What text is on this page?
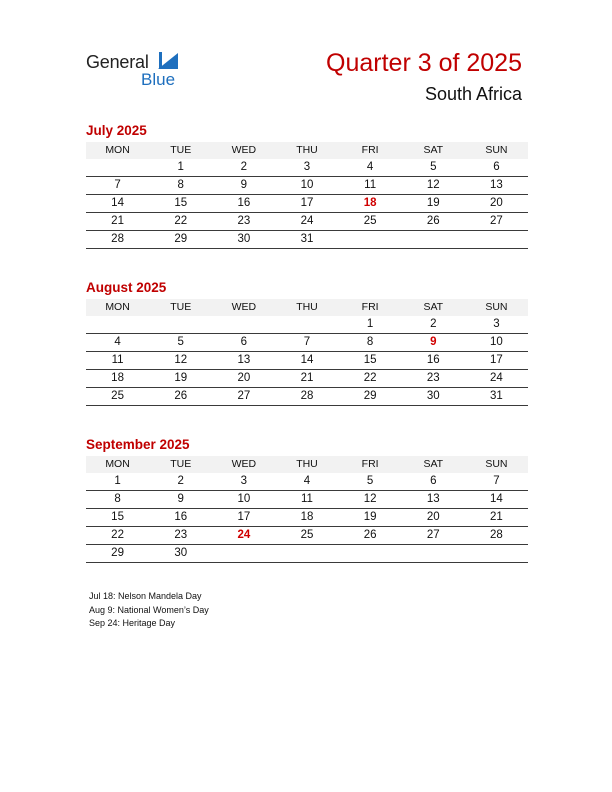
General
Blue
Quarter 3 of 2025
South Africa
July 2025
MON	TUE	WED	THU	FRI	SAT	SUN
	1	2	3	4	5	6
7	8	9	10	11	12	13
14	15	16	17	18	19	20
21	22	23	24	25	26	27
28	29	30	31			
August 2025
MON	TUE	WED	THU	FRI	SAT	SUN
				1	2	3
4	5	6	7	8	9	10
11	12	13	14	15	16	17
18	19	20	21	22	23	24
25	26	27	28	29	30	31
September 2025
MON	TUE	WED	THU	FRI	SAT	SUN
1	2	3	4	5	6	7
8	9	10	11	12	13	14
15	16	17	18	19	20	21
22	23	24	25	26	27	28
29	30					
Jul 18: Nelson Mandela Day
Aug 9: National Women’s Day
Sep 24: Heritage Day
